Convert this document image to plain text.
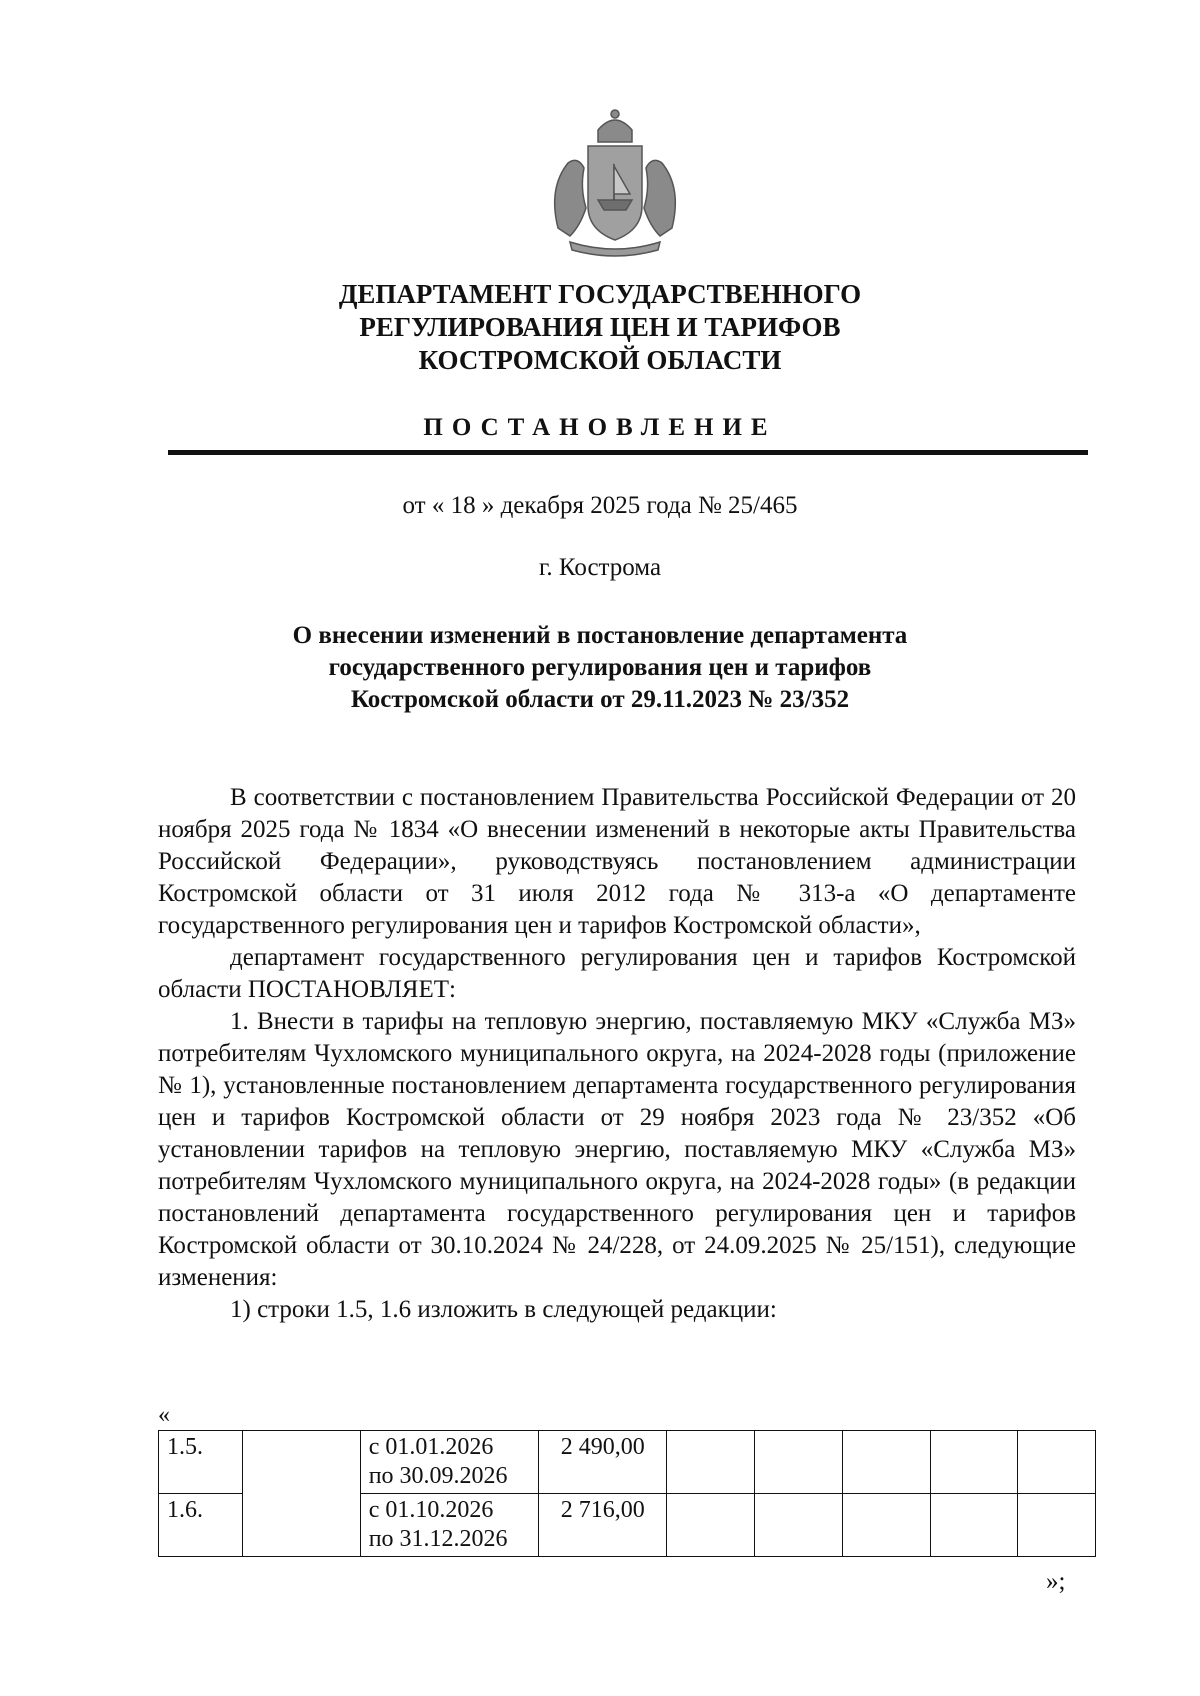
ДЕПАРТАМЕНТ ГОСУДАРСТВЕННОГО
РЕГУЛИРОВАНИЯ ЦЕН И ТАРИФОВ
КОСТРОМСКОЙ ОБЛАСТИ
ПОСТАНОВЛЕНИЕ
от « 18 » декабря 2025 года № 25/465
г. Кострома
О внесении изменений в постановление департамента
государственного регулирования цен и тарифов
Костромской области от 29.11.2023 № 23/352

В соответствии с постановлением Правительства Российской Федерации от 20 ноября 2025 года № 1834 «О внесении изменений в некоторые акты Правительства Российской Федерации», руководствуясь постановлением администрации Костромской области от 31 июля 2012 года № 313-а «О департаменте государственного регулирования цен и тарифов Костромской области»,

департамент государственного регулирования цен и тарифов Костромской области ПОСТАНОВЛЯЕТ:

1. Внести в тарифы на тепловую энергию, поставляемую МКУ «Служба МЗ» потребителям Чухломского муниципального округа, на 2024-2028 годы (приложение № 1), установленные постановлением департамента государственного регулирования цен и тарифов Костромской области от 29 ноября 2023 года № 23/352 «Об установлении тарифов на тепловую энергию, поставляемую МКУ «Служба МЗ» потребителям Чухломского муниципального округа, на 2024-2028 годы» (в редакции постановлений департамента государственного регулирования цен и тарифов Костромской области от 30.10.2024 № 24/228, от 24.09.2025 № 25/151), следующие изменения:

1) строки 1.5, 1.6 изложить в следующей редакции:

«
1.5.		с 01.01.2026
по 30.09.2026	2 490,00					
1.6.		с 01.10.2026
по 31.12.2026	2 716,00					
»;
